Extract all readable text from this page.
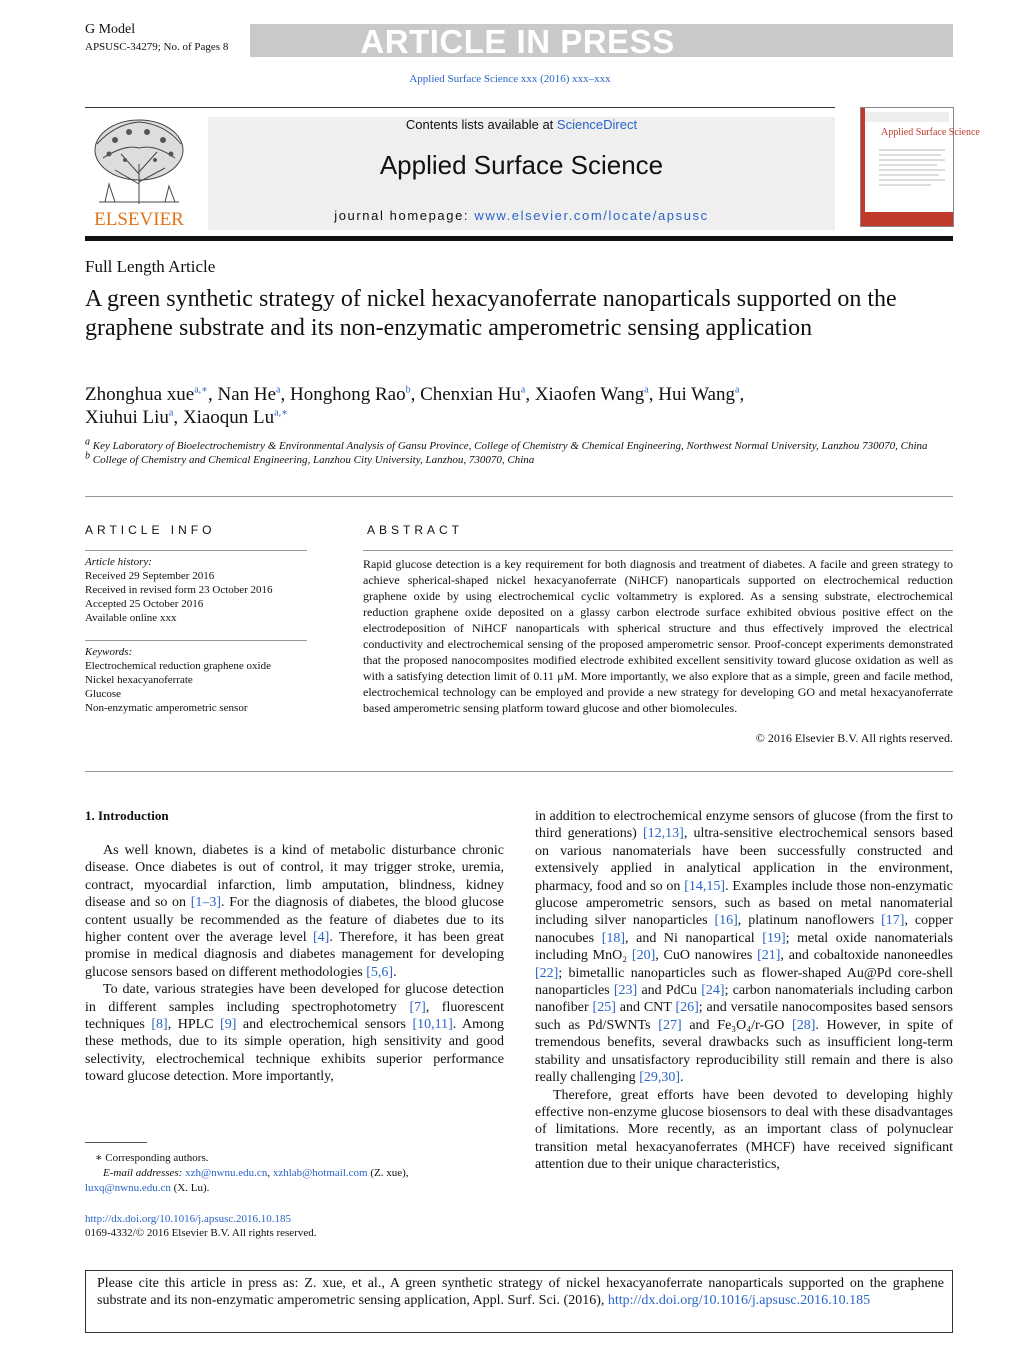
G Model
APSUSC-34279; No. of Pages 8	ARTICLE IN PRESS
Applied Surface Science xxx (2016) xxx–xxx
ELSEVIER
Contents lists available at ScienceDirect
Applied Surface Science
journal homepage: www.elsevier.com/locate/apsusc
Applied Surface Science
Full Length Article
A green synthetic strategy of nickel hexacyanoferrate nanoparticals supported on the graphene substrate and its non-enzymatic amperometric sensing application
Zhonghua xue$^{a,∗}$, Nan He$^a$, Honghong Rao$^b$, Chenxian Hu$^a$, Xiaofen Wang$^a$, Hui Wang$^a$,
Xiuhui Liu$^a$, Xiaoqun $Lu^{a,∗}$
$^a$ Key Laboratory of Bioelectrochemistry & Environmental Analysis of Gansu Province, College of Chemistry & Chemical Engineering, Northwest Normal University, Lanzhou 730070, China
$^b$ College of Chemistry and Chemical Engineering, Lanzhou City University, Lanzhou, 730070, China
ARTICLE INFO
Article history:
Received 29 September 2016
Received in revised form 23 October 2016
Accepted 25 October 2016
Available online xxx
Keywords:
Electrochemical reduction graphene oxide
Nickel hexacyanoferrate
Glucose
Non-enzymatic amperometric sensor
ABSTRACT
Rapid glucose detection is a key requirement for both diagnosis and treatment of diabetes. A facile and green strategy to achieve spherical-shaped nickel hexacyanoferrate (NiHCF) nanoparticals supported on electrochemical reduction graphene oxide by using electrochemical cyclic voltammetry is explored. As a sensing substrate, electrochemical reduction graphene oxide deposited on a glassy carbon electrode surface exhibited obvious positive effect on the electrodeposition of NiHCF nanoparticals with spherical structure and thus effectively improved the electrical conductivity and electrochemical sensing of the proposed amperometric sensor. Proof-concept experiments demonstrated that the proposed nanocomposites modified electrode exhibited excellent sensitivity toward glucose oxidation as well as with a satisfying detection limit of 0.11 μM. More importantly, we also explore that as a simple, green and facile method, electrochemical technology can be employed and provide a new strategy for developing GO and metal hexacyanoferrate based amperometric sensing platform toward glucose and other biomolecules.
© 2016 Elsevier B.V. All rights reserved.
1. Introduction

As well known, diabetes is a kind of metabolic disturbance chronic disease. Once diabetes is out of control, it may trigger stroke, uremia, contract, myocardial infarction, limb amputation, blindness, kidney disease and so on [1–3]. For the diagnosis of diabetes, the blood glucose content usually be recommended as the feature of diabetes due to its higher content over the average level [4]. Therefore, it has been great promise in medical diagnosis and diabetes management for developing glucose sensors based on different methodologies [5,6].

To date, various strategies have been developed for glucose detection in different samples including spectrophotometry [7], fluorescent techniques [8], HPLC [9] and electrochemical sensors [10,11]. Among these methods, due to its simple operation, high sensitivity and good selectivity, electrochemical technique exhibits superior performance toward glucose detection. More importantly,

in addition to electrochemical enzyme sensors of glucose (from the first to third generations) [12,13], ultra-sensitive electrochemical sensors based on various nanomaterials have been successfully constructed and extensively applied in analytical application in the environment, pharmacy, food and so on [14,15]. Examples include those non-enzymatic glucose amperometric sensors, such as based on metal nanomaterial including silver nanoparticles [16], platinum nanoflowers [17], copper nanocubes [18], and Ni nanopartical [19]; metal oxide nanomaterials including MnO₂ [20], CuO nanowires [21], and cobaltoxide nanoneedles [22]; bimetallic nanoparticles such as flower-shaped Au@Pd core-shell nanoparticles [23] and PdCu [24]; carbon nanomaterials including carbon nanofiber [25] and CNT [26]; and versatile nanocomposites based sensors such as Pd/SWNTs [27] and Fe₃O₄/r-GO [28]. However, in spite of tremendous benefits, several drawbacks such as insufficient long-term stability and unsatisfactory reproducibility still remain and there is also really challenging [29,30].

Therefore, great efforts have been devoted to developing highly effective non-enzyme glucose biosensors to deal with these disadvantages of limitations. More recently, as an important class of polynuclear transition metal hexacyanoferrates (MHCF) have received significant attention due to their unique characteristics,

∗ Corresponding authors.
E-mail addresses: xzh@nwnu.edu.cn, xzhlab@hotmail.com (Z. xue),
luxq@nwnu.edu.cn (X. Lu).
http://dx.doi.org/10.1016/j.apsusc.2016.10.185
0169-4332/© 2016 Elsevier B.V. All rights reserved.
Please cite this article in press as: Z. xue, et al., A green synthetic strategy of nickel hexacyanoferrate nanoparticals supported on the graphene substrate and its non-enzymatic amperometric sensing application, Appl. Surf. Sci. (2016), http://dx.doi.org/10.1016/j.apsusc.2016.10.185
